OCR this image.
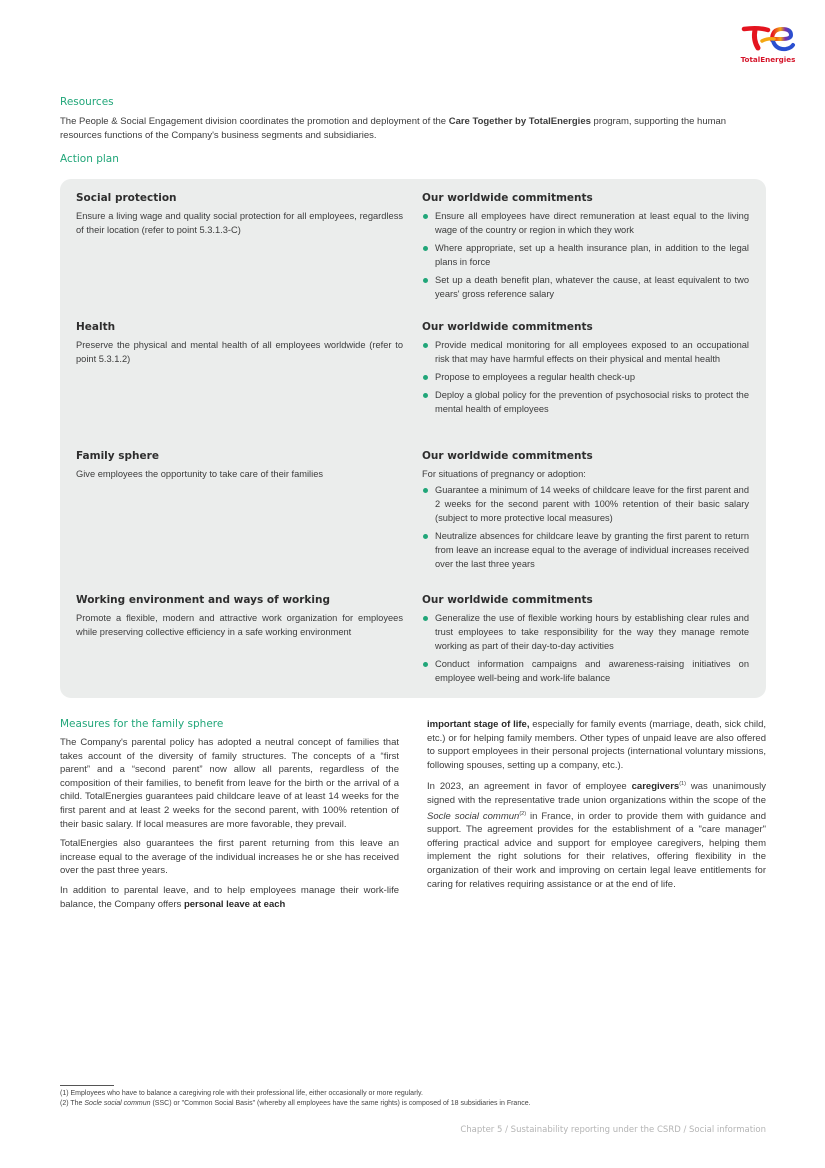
TotalEnergies
Resources

The People & Social Engagement division coordinates the promotion and deployment of the Care Together by TotalEnergies program, supporting the human resources functions of the Company's business segments and subsidiaries.

Action plan
Social protection

Ensure a living wage and quality social protection for all employees, regardless of their location (refer to point 5.3.1.3-C)

Our worldwide commitments
Ensure all employees have direct remuneration at least equal to the living wage of the country or region in which they work
Where appropriate, set up a health insurance plan, in addition to the legal plans in force
Set up a death benefit plan, whatever the cause, at least equivalent to two years' gross reference salary
Health

Preserve the physical and mental health of all employees worldwide (refer to point 5.3.1.2)

Our worldwide commitments
Provide medical monitoring for all employees exposed to an occupational risk that may have harmful effects on their physical and mental health
Propose to employees a regular health check-up
Deploy a global policy for the prevention of psychosocial risks to protect the mental health of employees
Family sphere

Give employees the opportunity to take care of their families

Our worldwide commitments

For situations of pregnancy or adoption:

Guarantee a minimum of 14 weeks of childcare leave for the first parent and 2 weeks for the second parent with 100% retention of their basic salary (subject to more protective local measures)
Neutralize absences for childcare leave by granting the first parent to return from leave an increase equal to the average of individual increases received over the last three years
Working environment and ways of working

Promote a flexible, modern and attractive work organization for employees while preserving collective efficiency in a safe working environment

Our worldwide commitments
Generalize the use of flexible working hours by establishing clear rules and trust employees to take responsibility for the way they manage remote working as part of their day-to-day activities
Conduct information campaigns and awareness-raising initiatives on employee well-being and work-life balance
Measures for the family sphere

The Company's parental policy has adopted a neutral concept of families that takes account of the diversity of family structures. The concepts of a “first parent” and a “second parent” now allow all parents, regardless of the composition of their families, to benefit from leave for the birth or the arrival of a child. TotalEnergies guarantees paid childcare leave of at least 14 weeks for the first parent and at least 2 weeks for the second parent, with 100% retention of their basic salary. If local measures are more favorable, they prevail.

TotalEnergies also guarantees the first parent returning from this leave an increase equal to the average of the individual increases he or she has received over the past three years.

In addition to parental leave, and to help employees manage their work-life balance, the Company offers personal leave at each

important stage of life, especially for family events (marriage, death, sick child, etc.) or for helping family members. Other types of unpaid leave are also offered to support employees in their personal projects (international voluntary missions, following spouses, setting up a company, etc.).

In 2023, an agreement in favor of employee caregivers$^{(1)}$ was unanimously signed with the representative trade union organizations within the scope of the Socle social commun$^{(2)}$ in France, in order to provide them with guidance and support. The agreement provides for the establishment of a "care manager" offering practical advice and support for employee caregivers, helping them implement the right solutions for their relatives, offering flexibility in the organization of their work and improving on certain legal leave entitlements for caring for relatives requiring assistance or at the end of life.

(1) Employees who have to balance a caregiving role with their professional life, either occasionally or more regularly.
(2) The Socle social commun (SSC) or "Common Social Basis" (whereby all employees have the same rights) is composed of 18 subsidiaries in France.
Chapter 5 / Sustainability reporting under the CSRD / Social information
